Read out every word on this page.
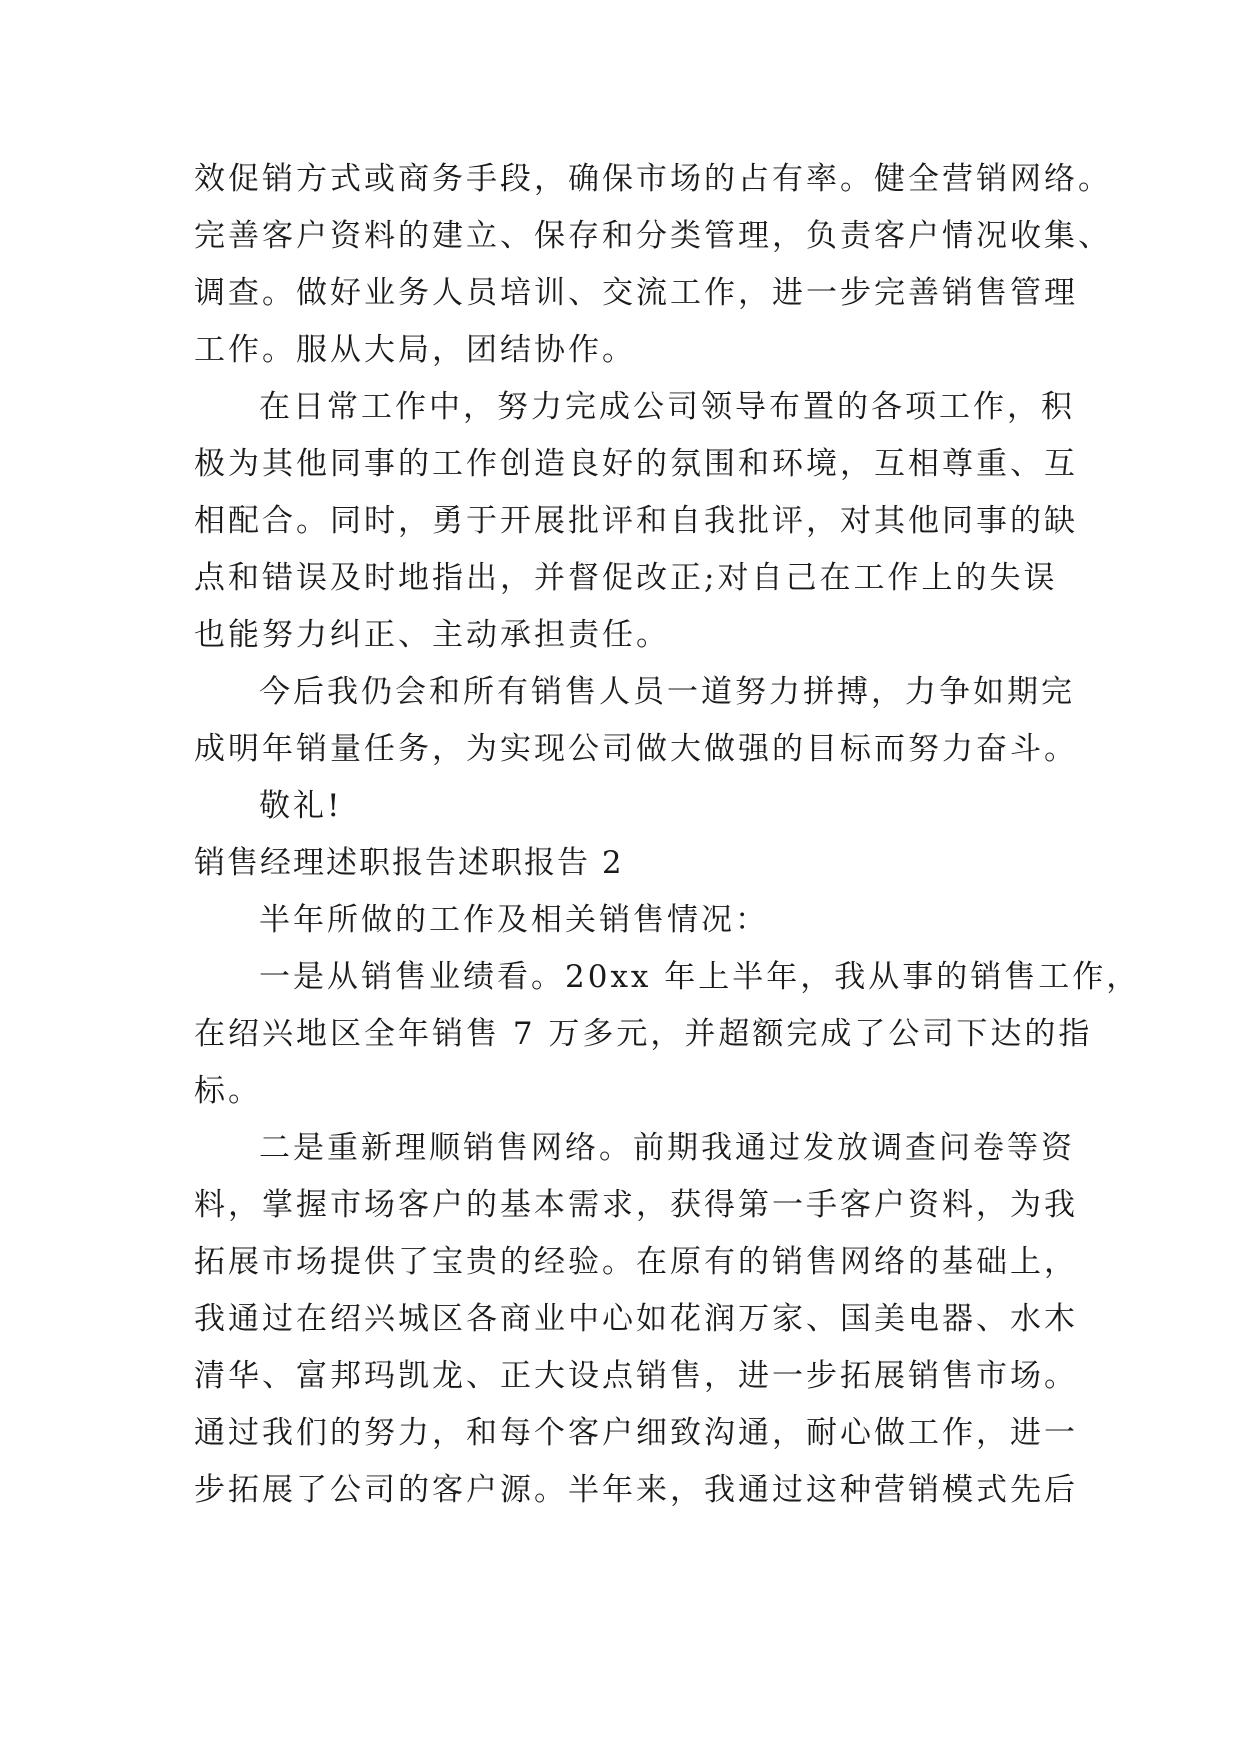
效促销方式或商务手段，确保市场的占有率。健全营销网络。
完善客户资料的建立、保存和分类管理，负责客户情况收集、
调查。做好业务人员培训、交流工作，进一步完善销售管理
工作。服从大局，团结协作。
在日常工作中，努力完成公司领导布置的各项工作，积
极为其他同事的工作创造良好的氛围和环境，互相尊重、互
相配合。同时，勇于开展批评和自我批评，对其他同事的缺
点和错误及时地指出，并督促改正;对自己在工作上的失误
也能努力纠正、主动承担责任。
今后我仍会和所有销售人员一道努力拼搏，力争如期完
成明年销量任务，为实现公司做大做强的目标而努力奋斗。
敬礼!
销售经理述职报告述职报告 2
半年所做的工作及相关销售情况：
一是从销售业绩看。20xx 年上半年，我从事的销售工作，
在绍兴地区全年销售 7 万多元，并超额完成了公司下达的指
标。
二是重新理顺销售网络。前期我通过发放调查问卷等资
料，掌握市场客户的基本需求，获得第一手客户资料，为我
拓展市场提供了宝贵的经验。在原有的销售网络的基础上，
我通过在绍兴城区各商业中心如花润万家、国美电器、水木
清华、富邦玛凯龙、正大设点销售，进一步拓展销售市场。
通过我们的努力，和每个客户细致沟通，耐心做工作，进一
步拓展了公司的客户源。半年来，我通过这种营销模式先后
